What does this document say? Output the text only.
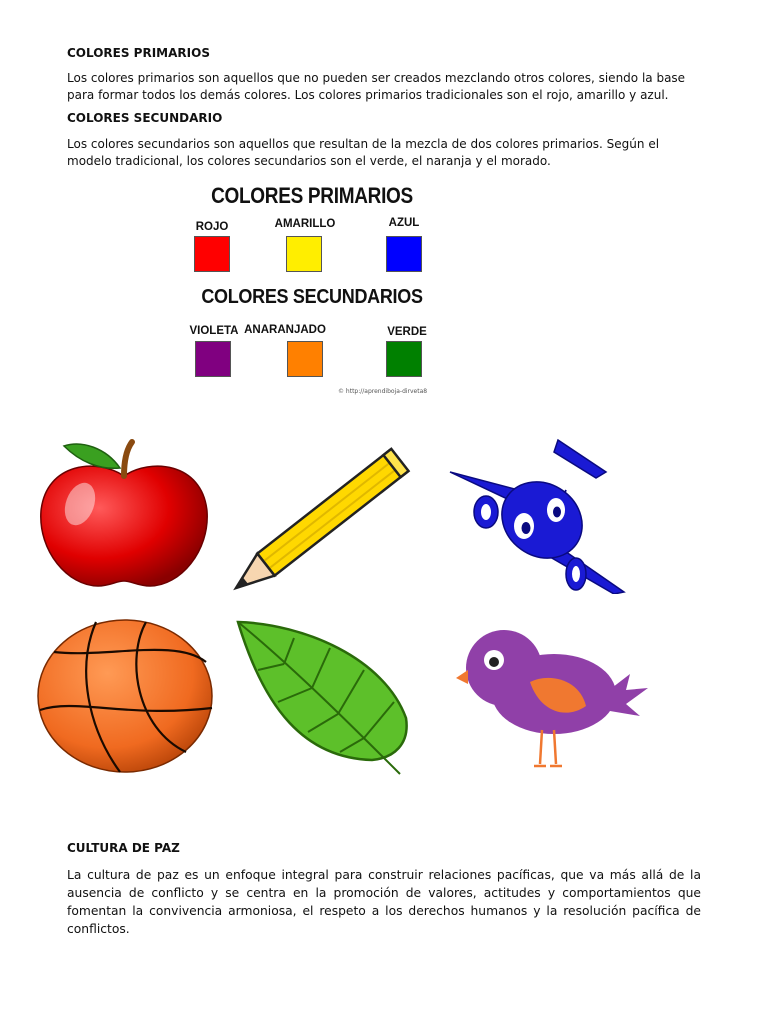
COLORES PRIMARIOS

Los colores primarios son aquellos que no pueden ser creados mezclando otros colores, siendo la base para formar todos los demás colores. Los colores primarios tradicionales son el rojo, amarillo y azul.

COLORES SECUNDARIO

Los colores secundarios son aquellos que resultan de la mezcla de dos colores primarios. Según el modelo tradicional, los colores secundarios son el verde, el naranja y el morado.

COLORES PRIMARIOS
ROJO	AMARILLO	AZUL
COLORES SECUNDARIOS
VIOLETA ANARANJADO	VERDE
© http://aprendiboja-dirveta8
CULTURA DE PAZ

La cultura de paz es un enfoque integral para construir relaciones pacíficas, que va más allá de la ausencia de conflicto y se centra en la promoción de valores, actitudes y comportamientos que fomentan la convivencia armoniosa, el respeto a los derechos humanos y la resolución pacífica de conflictos.
